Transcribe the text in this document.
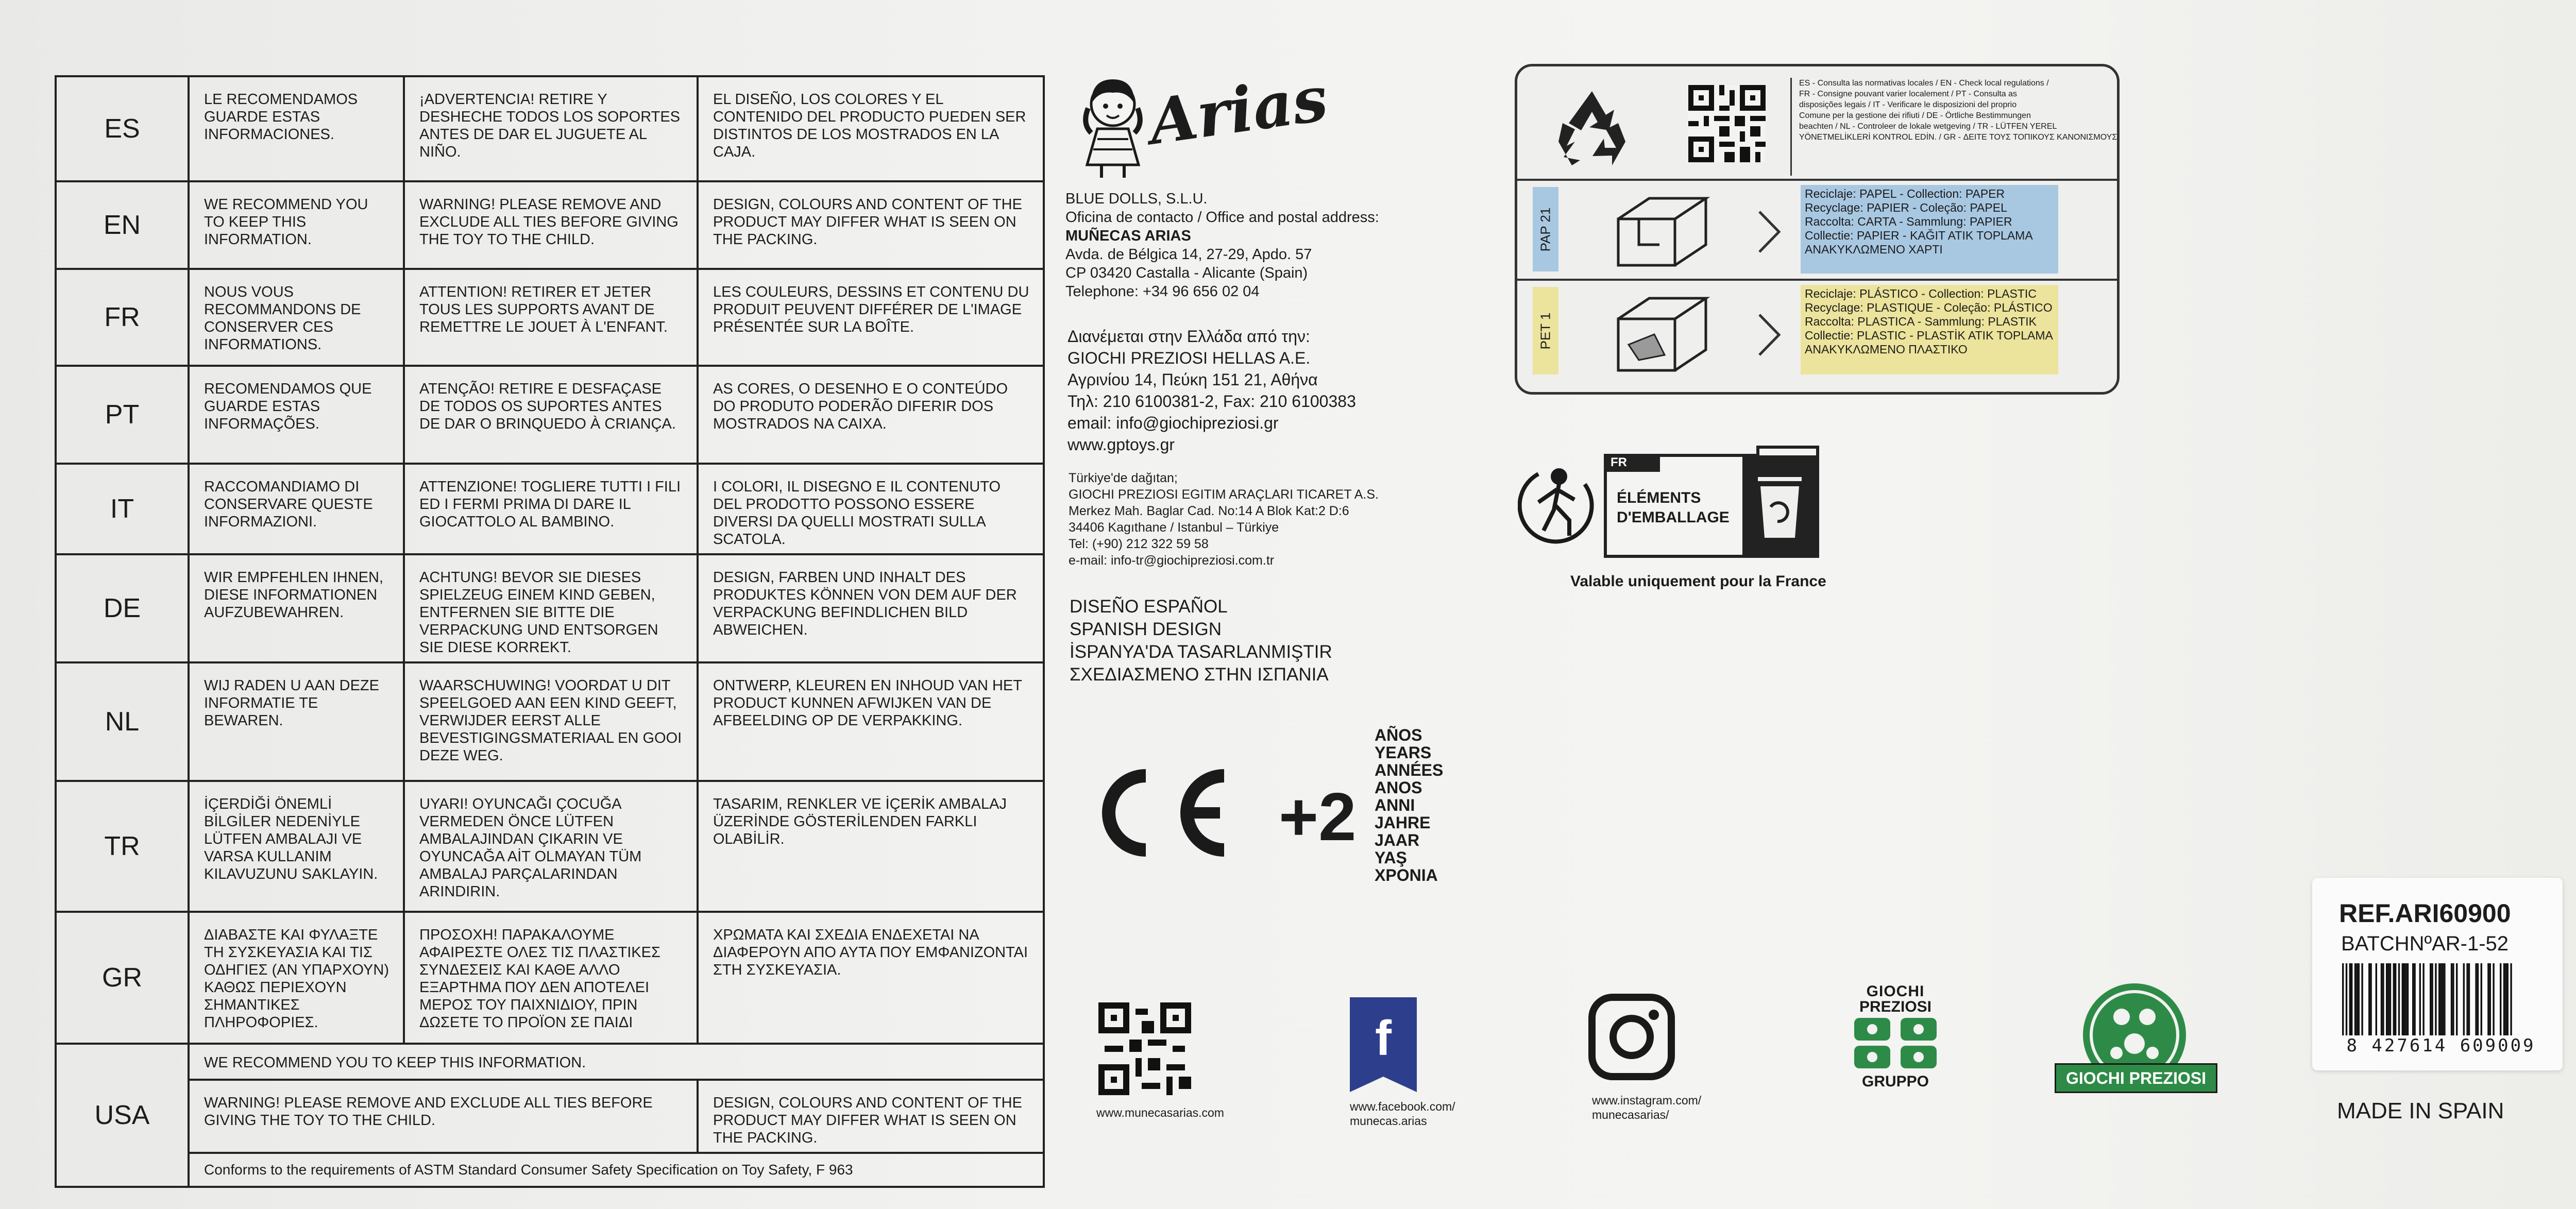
ES	LE RECOMENDAMOS GUARDE ESTAS INFORMACIONES.	¡ADVERTENCIA! RETIRE Y DESHECHE TODOS LOS SOPORTES ANTES DE DAR EL JUGUETE AL NIÑO.	EL DISEÑO, LOS COLORES Y EL CONTENIDO DEL PRODUCTO PUEDEN SER DISTINTOS DE LOS MOSTRADOS EN LA CAJA.
EN	WE RECOMMEND YOU TO KEEP THIS INFORMATION.	WARNING! PLEASE REMOVE AND EXCLUDE ALL TIES BEFORE GIVING THE TOY TO THE CHILD.	DESIGN, COLOURS AND CONTENT OF THE PRODUCT MAY DIFFER WHAT IS SEEN ON THE PACKING.
FR	NOUS VOUS RECOMMANDONS DE CONSERVER CES INFORMATIONS.	ATTENTION! RETIRER ET JETER TOUS LES SUPPORTS AVANT DE REMETTRE LE JOUET À L'ENFANT.	LES COULEURS, DESSINS ET CONTENU DU PRODUIT PEUVENT DIFFÉRER DE L'IMAGE PRÉSENTÉE SUR LA BOÎTE.
PT	RECOMENDAMOS QUE GUARDE ESTAS INFORMAÇÕES.	ATENÇÃO! RETIRE E DESFAÇASE DE TODOS OS SUPORTES ANTES DE DAR O BRINQUEDO À CRIANÇA.	AS CORES, O DESENHO E O CONTEÚDO DO PRODUTO PODERÃO DIFERIR DOS MOSTRADOS NA CAIXA.
IT	RACCOMANDIAMO DI CONSERVARE QUESTE INFORMAZIONI.	ATTENZIONE! TOGLIERE TUTTI I FILI ED I FERMI PRIMA DI DARE IL GIOCATTOLO AL BAMBINO.	I COLORI, IL DISEGNO E IL CONTENUTO DEL PRODOTTO POSSONO ESSERE DIVERSI DA QUELLI MOSTRATI SULLA SCATOLA.
DE	WIR EMPFEHLEN IHNEN, DIESE INFORMATIONEN AUFZUBEWAHREN.	ACHTUNG! BEVOR SIE DIESES SPIELZEUG EINEM KIND GEBEN, ENTFERNEN SIE BITTE DIE VERPACKUNG UND ENTSORGEN SIE DIESE KORREKT.	DESIGN, FARBEN UND INHALT DES PRODUKTES KÖNNEN VON DEM AUF DER VERPACKUNG BEFINDLICHEN BILD ABWEICHEN.
NL	WIJ RADEN U AAN DEZE INFORMATIE TE BEWAREN.	WAARSCHUWING! VOORDAT U DIT SPEELGOED AAN EEN KIND GEEFT, VERWIJDER EERST ALLE BEVESTIGINGSMATERIAAL EN GOOI DEZE WEG.	ONTWERP, KLEUREN EN INHOUD VAN HET PRODUCT KUNNEN AFWIJKEN VAN DE AFBEELDING OP DE VERPAKKING.
TR	İÇERDİĞİ ÖNEMLİ BİLGİLER NEDENİYLE LÜTFEN AMBALAJI VE VARSA KULLANIM KILAVUZUNU SAKLAYIN.	UYARI! OYUNCAĞI ÇOCUĞA VERMEDEN ÖNCE LÜTFEN AMBALAJINDAN ÇIKARIN VE OYUNCAĞA AİT OLMAYAN TÜM AMBALAJ PARÇALARINDAN ARINDIRIN.	TASARIM, RENKLER VE İÇERİK AMBALAJ ÜZERİNDE GÖSTERİLENDEN FARKLI OLABİLİR.
GR	ΔΙΑΒΑΣΤΕ ΚΑΙ ΦΥΛΑΞΤΕ ΤΗ ΣΥΣΚΕΥΑΣΙΑ ΚΑΙ ΤΙΣ ΟΔΗΓΙΕΣ (ΑΝ ΥΠΑΡΧΟΥΝ) ΚΑΘΩΣ ΠΕΡΙΕΧΟΥΝ ΣΗΜΑΝΤΙΚΕΣ ΠΛΗΡΟΦΟΡΙΕΣ.	ΠΡΟΣΟΧΗ! ΠΑΡΑΚΑΛΟΥΜΕ ΑΦΑΙΡΕΣΤΕ ΟΛΕΣ ΤΙΣ ΠΛΑΣΤΙΚΕΣ ΣΥΝΔΕΣΕΙΣ ΚΑΙ ΚΑΘΕ ΑΛΛΟ ΕΞΑΡΤΗΜΑ ΠΟΥ ΔΕΝ ΑΠΟΤΕΛΕΙ ΜΕΡΟΣ ΤΟΥ ΠΑΙΧΝΙΔΙΟΥ, ΠΡΙΝ ΔΩΣΕΤΕ ΤΟ ΠΡΟΪΟΝ ΣΕ ΠΑΙΔΙ	ΧΡΩΜΑΤΑ ΚΑΙ ΣΧΕΔΙΑ ΕΝΔΕΧΕΤΑΙ ΝΑ ΔΙΑΦΕΡΟΥΝ ΑΠΟ ΑΥΤΑ ΠΟΥ ΕΜΦΑΝΙΖΟΝΤΑΙ ΣΤΗ ΣΥΣΚΕΥΑΣΙΑ.
USA	WE RECOMMEND YOU TO KEEP THIS INFORMATION.		
	WARNING! PLEASE REMOVE AND EXCLUDE ALL TIES BEFORE GIVING THE TOY TO THE CHILD.		DESIGN, COLOURS AND CONTENT OF THE PRODUCT MAY DIFFER WHAT IS SEEN ON THE PACKING.
	Conforms to the requirements of ASTM Standard Consumer Safety Specification on Toy Safety, F 963		
Arias
BLUE DOLLS, S.L.U.
Oficina de contacto / Office and postal address:
MUÑECAS ARIAS
Avda. de Bélgica 14, 27-29, Apdo. 57
CP 03420 Castalla - Alicante (Spain)
Telephone: +34 96 656 02 04
Διανέμεται στην Ελλάδα από την:
GIOCHI PREZIOSI HELLAS A.E.
Αγρινίου 14, Πεύκη 151 21, Αθήνα
Τηλ: 210 6100381-2, Fax: 210 6100383
email: info@giochipreziosi.gr
www.gptoys.gr
Türkiye'de dağıtan;
GIOCHI PREZIOSI EGITIM ARAÇLARI TICARET A.S.
Merkez Mah. Baglar Cad. No:14 A Blok Kat:2 D:6
34406 Kagıthane / Istanbul – Türkiye
Tel: (+90) 212 322 59 58
e-mail: info-tr@giochipreziosi.com.tr
DISEÑO ESPAÑOL
SPANISH DESIGN
İSPANYA'DA TASARLANMIŞTIR
ΣΧΕΔΙΑΣΜΕΝΟ ΣΤΗΝ ΙΣΠΑΝΙΑ
+2
AÑOS
YEARS
ANNÉES
ANOS
ANNI
JAHRE
JAAR
YAŞ
ΧΡΟΝΙΑ
ES - Consulta las normativas locales / EN - Check local regulations /
FR - Consigne pouvant varier localement / PT - Consulta as
disposições legais / IT - Verificare le disposizioni del proprio
Comune per la gestione dei rifiuti / DE - Örtliche Bestimmungen
beachten / NL - Controleer de lokale wetgeving / TR - LÜTFEN YEREL
YÖNETMELİKLERİ KONTROL EDİN. / GR - ΔΕΙΤΕ ΤΟΥΣ ΤΟΠΙΚΟΥΣ ΚΑΝΟΝΙΣΜΟΥΣ
PAP 21
Reciclaje: PAPEL - Collection: PAPER
Recyclage: PAPIER - Coleção: PAPEL
Raccolta: CARTA - Sammlung: PAPIER
Collectie: PAPIER - KAĞIT ATIK TOPLAMA
ΑΝΑΚΥΚΛΩΜΕΝΟ ΧΑΡΤΙ
PET 1
Reciclaje: PLÁSTICO - Collection: PLASTIC
Recyclage: PLASTIQUE - Coleção: PLÁSTICO
Raccolta: PLASTICA - Sammlung: PLASTIK
Collectie: PLASTIC - PLASTİK ATIK TOPLAMA
ΑΝΑΚΥΚΛΩΜΕΝΟ ΠΛΑΣΤΙΚΟ
FR
ÉLÉMENTS
D'EMBALLAGE
Valable uniquement pour la France
www.munecasarias.com
f
www.facebook.com/
munecas.arias
www.instagram.com/
munecasarias/
GIOCHI
PREZIOSI
GRUPPO	GIOCHI PREZIOSI
REF.ARI60900
BATCHNºAR-1-52
8 427614 609009
MADE IN SPAIN
